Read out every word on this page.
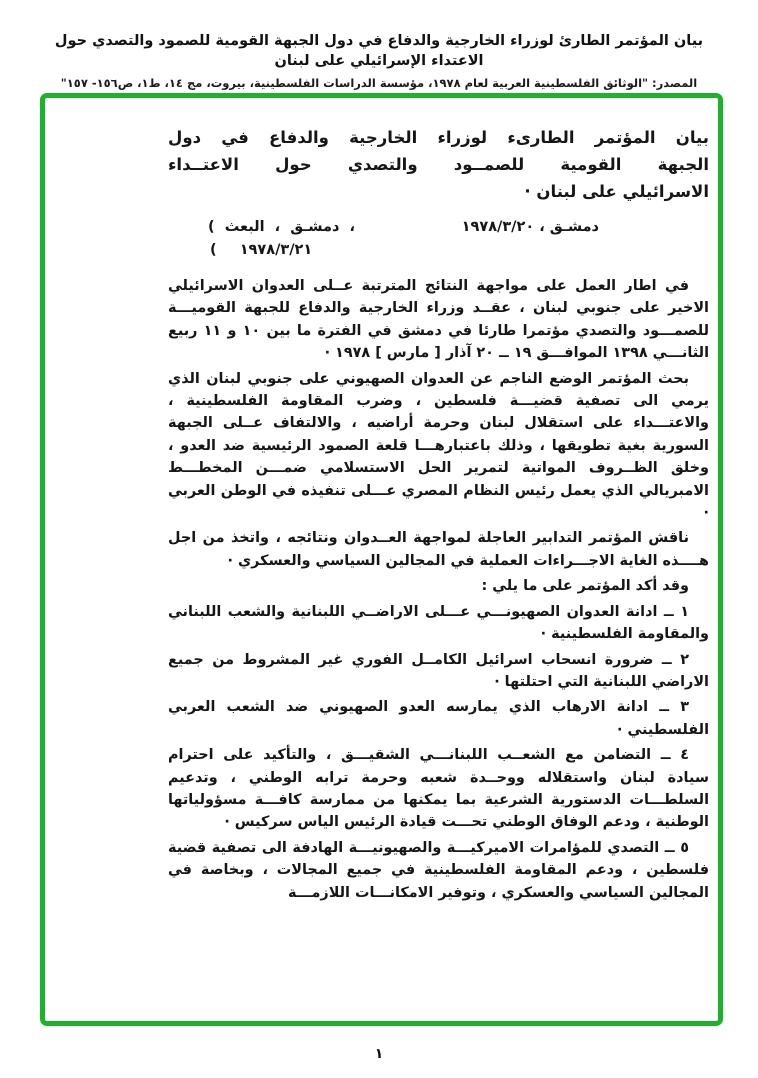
بيان المؤتمر الطارئ لوزراء الخارجية والدفاع في دول الجبهة القومية للصمود والتصدي حول الاعتداء الإسرائيلي على لبنان
المصدر: "الوثائق الفلسطينية العربية لعام ١٩٧٨، مؤسسة الدراسات الفلسطينية، بيروت، مج ١٤، ط١، ص١٥٦- ١٥٧"
بيان المؤتمر الطارىء لوزراء الخارجية والدفاع في دول
الجبهة القومية للصمــود والتصدي حول الاعتــداء
الاسرائيلي على لبنان ·
( البعث ، دمشـق ،
( ١٩٧٨/٣/٢١
دمشـق ، ١٩٧٨/٣/٢٠

في اطار العمل على مواجهة النتائج المترتبة عــلى العدوان الاسرائيلي الاخير على جنوبي لبنان ، عقــد وزراء الخارجية والدفاع للجبهة القوميـــة للصمـــود والتصدي مؤتمرا طارئا في دمشق في الفترة ما بين ١٠ و ١١ ربيع الثانـــي ١٣٩٨ الموافـــق ١٩ ــ ٢٠ آذار [ مارس ] ١٩٧٨ ·

بحث المؤتمر الوضع الناجم عن العدوان الصهيوني على جنوبي لبنان الذي يرمي الى تصفية قضيـــة فلسطين ، وضرب المقاومة الفلسطينية ، والاعتـــداء على استقلال لبنان وحرمة أراضيه ، والالتفاف عــلى الجبهة السورية بغية تطويقها ، وذلك باعتبارهـــا قلعة الصمود الرئيسية ضد العدو ، وخلق الظــروف المواتية لتمرير الحل الاستسلامي ضمـــن المخطـــط الامبريالي الذي يعمل رئيس النظام المصري عـــلى تنفيذه في الوطن العربي ·

ناقش المؤتمر التدابير العاجلة لمواجهة العــدوان ونتائجه ، واتخذ من اجل هــــذه الغاية الاجـــراءات العملية في المجالين السياسي والعسكري ·

وقد أكد المؤتمر على ما يلي :

١ ــ ادانة العدوان الصهيونـــي عـــلى الاراضــي اللبنانية والشعب اللبناني والمقاومة الفلسطينية ·

٢ ــ ضرورة انسحاب اسرائيل الكامــل الفوري غير المشروط من جميع الاراضي اللبنانية التي احتلتها ·

٣ ــ ادانة الارهاب الذي يمارسه العدو الصهيوني ضد الشعب العربي الفلسطيني ·

٤ ــ التضامن مع الشعــب اللبنانـــي الشقيـــق ، والتأكيد على احترام سيادة لبنان واستقلاله ووحــدة شعبه وحرمة ترابه الوطني ، وتدعيم السلطـــات الدستورية الشرعية بما يمكنها من ممارسة كافـــة مسؤولياتها الوطنية ، ودعم الوفاق الوطني تحـــت قيادة الرئيس الياس سركيس ·

٥ ــ التصدي للمؤامرات الاميركيـــة والصهيونيـــة الهادفة الى تصفية قضية فلسطين ، ودعم المقاومة الفلسطينية في جميع المجالات ، وبخاصة في المجالين السياسي والعسكري ، وتوفير الامكانـــات اللازمـــة

١
